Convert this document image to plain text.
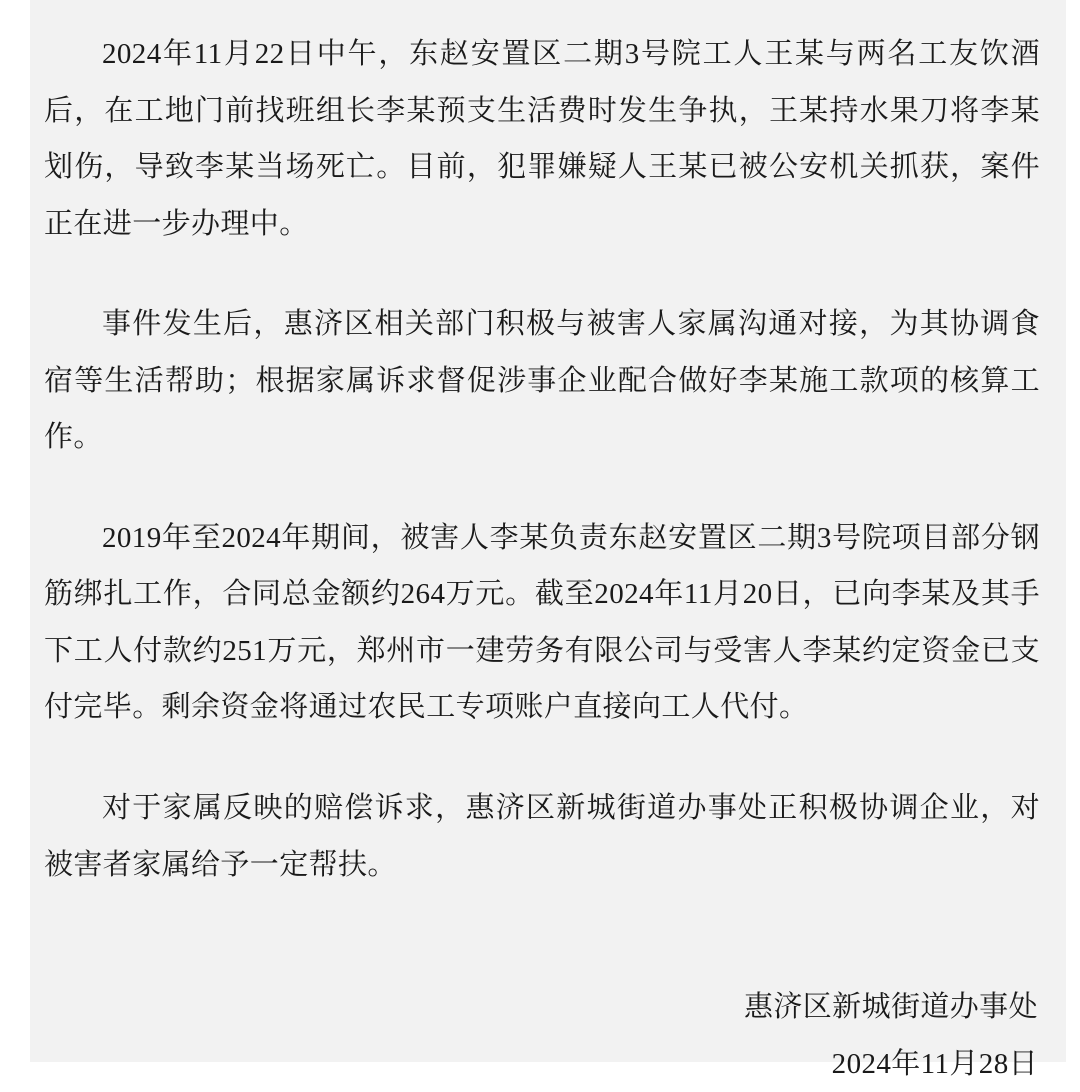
2024年11月22日中午，东赵安置区二期3号院工人王某与两名工友饮酒后，在工地门前找班组长李某预支生活费时发生争执，王某持水果刀将李某划伤，导致李某当场死亡。目前，犯罪嫌疑人王某已被公安机关抓获，案件正在进一步办理中。

事件发生后，惠济区相关部门积极与被害人家属沟通对接，为其协调食宿等生活帮助；根据家属诉求督促涉事企业配合做好李某施工款项的核算工作。

2019年至2024年期间，被害人李某负责东赵安置区二期3号院项目部分钢筋绑扎工作，合同总金额约264万元。截至2024年11月20日，已向李某及其手下工人付款约251万元，郑州市一建劳务有限公司与受害人李某约定资金已支付完毕。剩余资金将通过农民工专项账户直接向工人代付。

对于家属反映的赔偿诉求，惠济区新城街道办事处正积极协调企业，对被害者家属给予一定帮扶。

惠济区新城街道办事处
2024年11月28日
